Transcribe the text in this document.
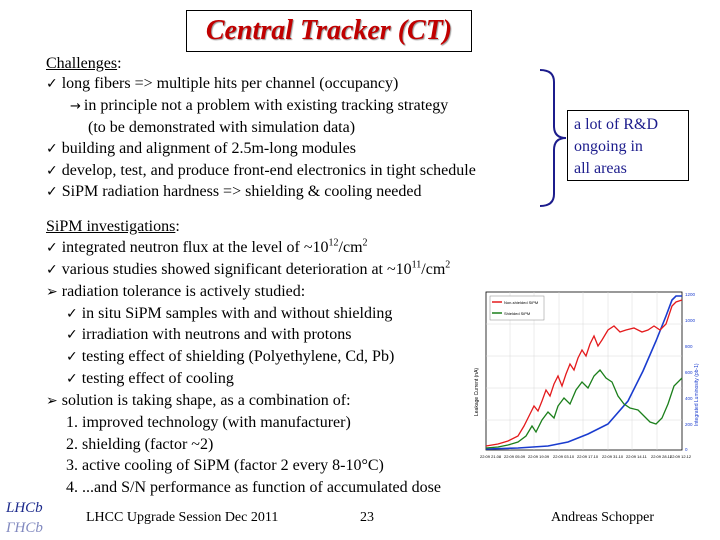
Central Tracker (CT)
Challenges:
✓ long fibers => multiple hits per channel (occupancy)
→ in principle not a problem with existing tracking strategy
(to be demonstrated with simulation data)
✓ building and alignment of 2.5m-long modules
✓ develop, test, and produce front-end electronics in tight schedule
✓ SiPM radiation hardness => shielding & cooling needed
a lot of R&D
ongoing in
all areas
SiPM investigations:
✓ integrated neutron flux at the level of $\sim 10^{12}/cm^2$
✓ various studies showed significant deterioration at $\sim 10^{11}/cm^2$
➢ radiation tolerance is actively studied:
✓ in situ SiPM samples with and without shielding
✓ irradiation with neutrons and with protons
✓ testing effect of shielding (Polyethylene, Cd, Pb)
✓ testing effect of cooling
➢ solution is taking shape, as a combination of:
1. improved technology (with manufacturer)
2. shielding (factor ~2)
3. active cooling of SiPM (factor 2 every 8-10°C)
4. ...and S/N performance as function of accumulated dose
Non-shielded SiPM
Shielded SiPM
1200
1000
800
600
400
200
0
Integrated Luminosity (pb-1)
Leakage Current (nA)
22:09 21.08 22:09 05.09 22:09 19.09 22:09 03.10 22:09 17.10 22:09 31.10 22:09 14.11 22:09 28.11
22:09 12.12
LHCb
ГHCb
LHCC Upgrade Session Dec 2011	23	Andreas Schopper
